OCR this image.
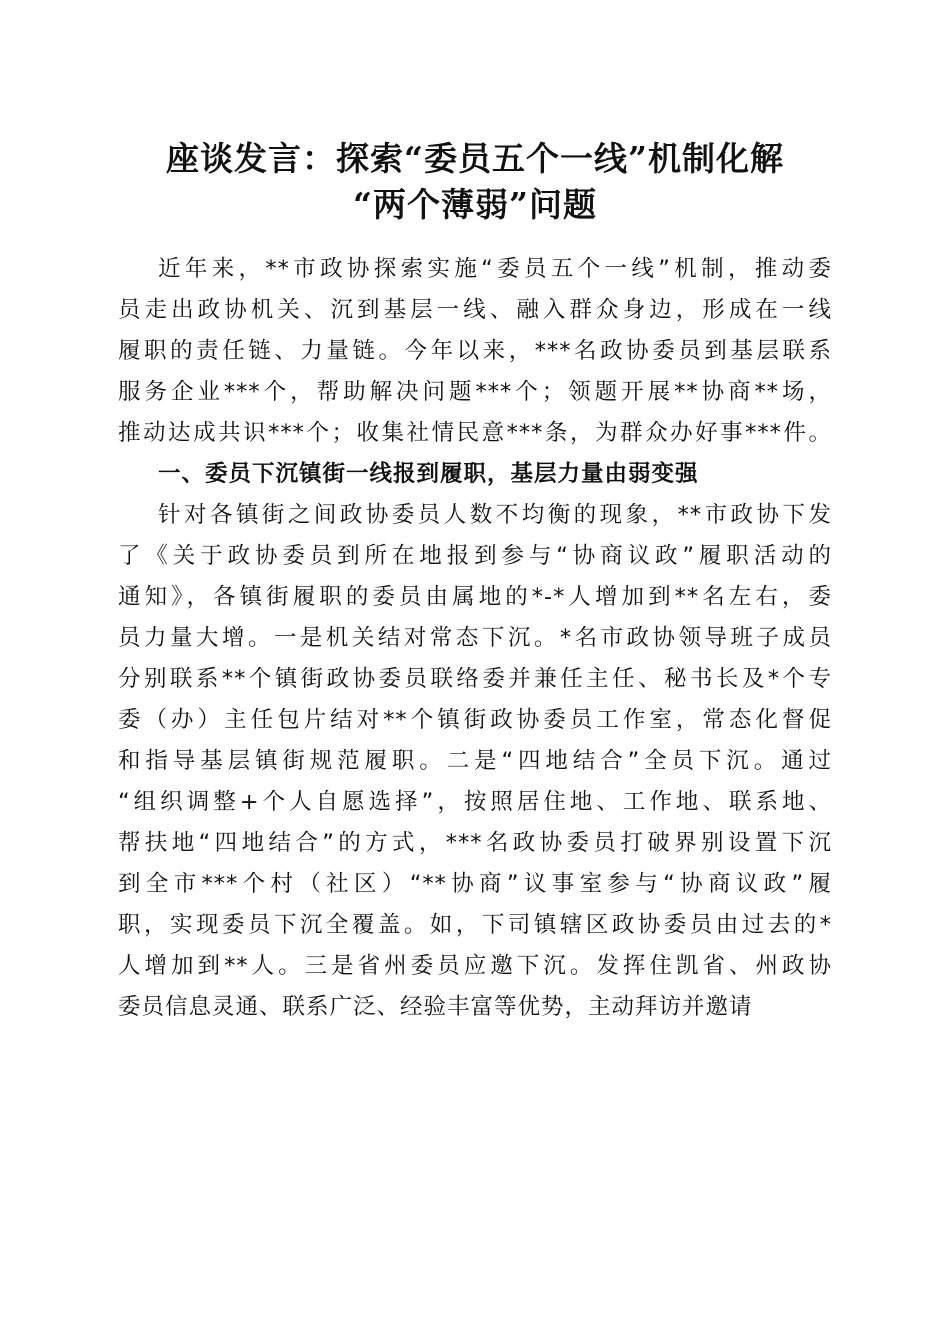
座谈发言：探索“委员五个一线”机制化解
“两个薄弱”问题

近年来，**市政协探索实施“委员五个一线”机制，推动委
员走出政协机关、沉到基层一线、融入群众身边，形成在一线
履职的责任链、力量链。今年以来，***名政协委员到基层联系
服务企业***个，帮助解决问题***个；领题开展**协商**场，
推动达成共识***个；收集社情民意***条，为群众办好事***件。

一、委员下沉镇街一线报到履职，基层力量由弱变强

针对各镇街之间政协委员人数不均衡的现象，**市政协下发
了《关于政协委员到所在地报到参与“协商议政”履职活动的
通知》，各镇街履职的委员由属地的*-*人增加到**名左右，委
员力量大增。一是机关结对常态下沉。*名市政协领导班子成员
分别联系**个镇街政协委员联络委并兼任主任、秘书长及*个专
委（办）主任包片结对**个镇街政协委员工作室，常态化督促
和指导基层镇街规范履职。二是“四地结合”全员下沉。通过
“组织调整+个人自愿选择”，按照居住地、工作地、联系地、
帮扶地“四地结合”的方式，***名政协委员打破界别设置下沉
到全市***个村（社区）“**协商”议事室参与“协商议政”履
职，实现委员下沉全覆盖。如，下司镇辖区政协委员由过去的*
人增加到**人。三是省州委员应邀下沉。发挥住凯省、州政协
委员信息灵通、联系广泛、经验丰富等优势，主动拜访并邀请
